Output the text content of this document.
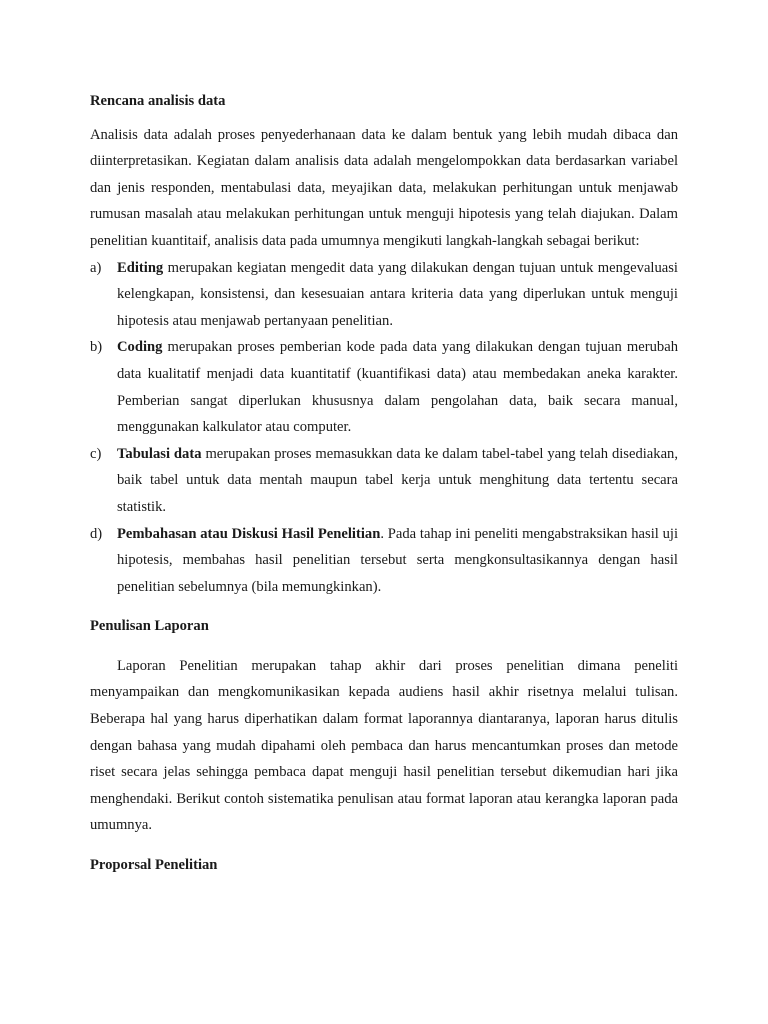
Rencana analisis data

Analisis data adalah proses penyederhanaan data ke dalam bentuk yang lebih mudah dibaca dan diinterpretasikan. Kegiatan dalam analisis data adalah mengelompokkan data berdasarkan variabel dan jenis responden, mentabulasi data, meyajikan data, melakukan perhitungan untuk menjawab rumusan masalah atau melakukan perhitungan untuk menguji hipotesis yang telah diajukan. Dalam penelitian kuantitaif, analisis data pada umumnya mengikuti langkah-langkah sebagai berikut:

a)	Editing merupakan kegiatan mengedit data yang dilakukan dengan tujuan untuk mengevaluasi kelengkapan, konsistensi, dan kesesuaian antara kriteria data yang diperlukan untuk menguji hipotesis atau menjawab pertanyaan penelitian.
b)	Coding merupakan proses pemberian kode pada data yang dilakukan dengan tujuan merubah data kualitatif menjadi data kuantitatif (kuantifikasi data) atau membedakan aneka karakter. Pemberian sangat diperlukan khususnya dalam pengolahan data, baik secara manual, menggunakan kalkulator atau computer.
c)	Tabulasi data merupakan proses memasukkan data ke dalam tabel-tabel yang telah disediakan, baik tabel untuk data mentah maupun tabel kerja untuk menghitung data tertentu secara statistik.
d)	Pembahasan atau Diskusi Hasil Penelitian. Pada tahap ini peneliti mengabstraksikan hasil uji hipotesis, membahas hasil penelitian tersebut serta mengkonsultasikannya dengan hasil penelitian sebelumnya (bila memungkinkan).
Penulisan Laporan

Laporan Penelitian merupakan tahap akhir dari proses penelitian dimana peneliti menyampaikan dan mengkomunikasikan kepada audiens hasil akhir risetnya melalui tulisan. Beberapa hal yang harus diperhatikan dalam format laporannya diantaranya, laporan harus ditulis dengan bahasa yang mudah dipahami oleh pembaca dan harus mencantumkan proses dan metode riset secara jelas sehingga pembaca dapat menguji hasil penelitian tersebut dikemudian hari jika menghendaki. Berikut contoh sistematika penulisan atau format laporan atau kerangka laporan pada umumnya.

Proporsal Penelitian
